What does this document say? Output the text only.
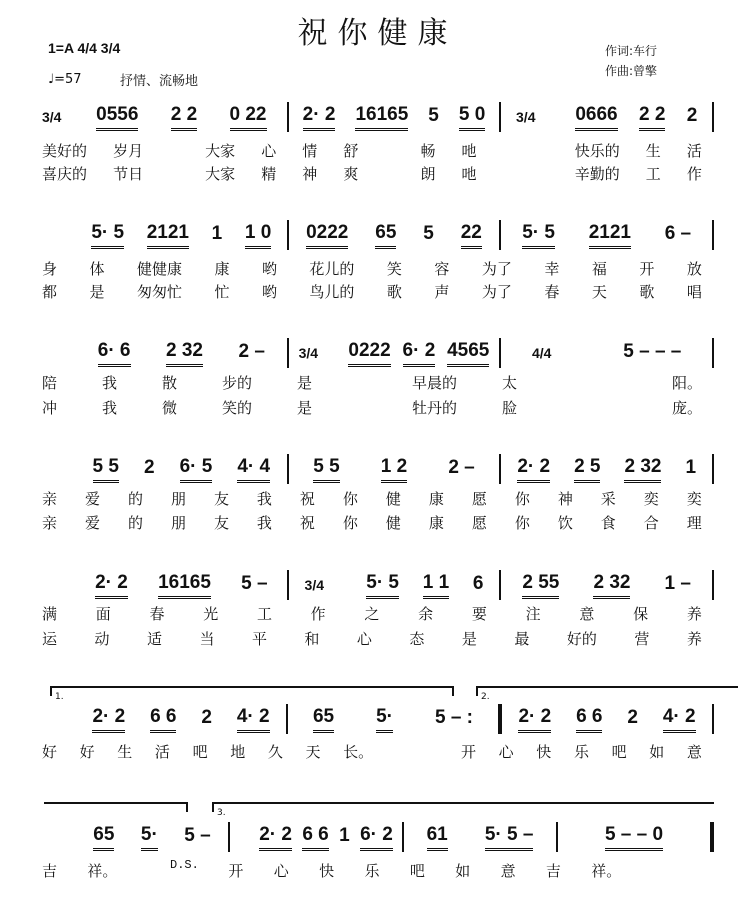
祝你健康
1=A 4/4 3/4
♩=57	抒情、流畅地
作词:车行
作曲:曾擎
1.	2.
3.
D.S.
3/4	0556 2 2 0 22 2· 2 16165 5 5 0 3/4	0666 2 2 2
美好的 岁月	大家 心 情 舒	畅 吔	快乐的 生 活
喜庆的 节日	大家 精 神 爽	朗 吔	辛勤的 工 作
5· 5 2121 1 1 0 0222 65 5 22 5· 5 2121 6 –
身 体 健健康 康 哟 花儿的 笑 容 为了 幸 福 开 放
都 是 匆匆忙 忙 哟 鸟儿的 歌 声 为了 春 天 歌 唱
6· 6 2 32 2 – 3/4	0222 6· 2 4565	4/4	5 – – –
陪	我	散	步的	是	早晨的	太	阳。
冲	我	微	笑的	是	牡丹的	脸	庞。
5 5 2 6· 5 4· 4 5 5 1 2 2 – 2· 2 2 5 2 32 1
亲 爱 的 朋 友 我 祝 你 健 康 愿 你 神 采 奕 奕
亲 爱 的 朋 友 我 祝 你 健 康 愿 你 饮 食 合 理
2· 2 16165 5 –	3/4	5· 5 1 1 6 2 55 2 32 1 –
满	面	春	光	工	作	之	余	要	注	意	保	养
运 动 适 当 平 和 心 态 是 最 好的 营 养
2· 2 6 6 2 4· 2 65 5· 5 – : 2· 2 6 6 2 4· 2
好 好 生 活 吧 地 久 天 长。	开 心 快 乐 吧 如 意
65 5· 5 –	2· 2 6 6 1 6· 2 61 5· 5 –	5 – – 0
吉 祥。	开 心 快 乐 吧 如 意 吉 祥。
